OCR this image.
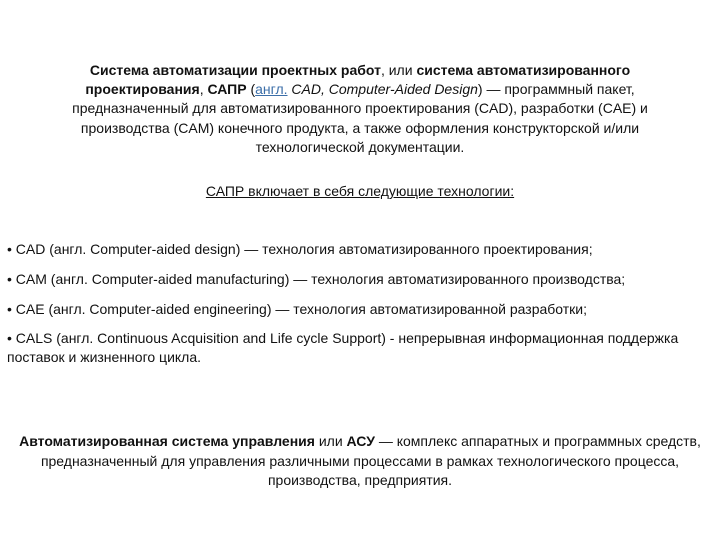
Система автоматизации проектных работ, или система автоматизированного проектирования, САПР (англ. CAD, Computer-Aided Design) — программный пакет, предназначенный для автоматизированного проектирования (CAD), разработки (CAE) и производства (CAM) конечного продукта, а также оформления конструкторской и/или технологической документации.

САПР включает в себя следующие технологии:
• CAD (англ. Computer-aided design) — технология автоматизированного проектирования;
• CAM (англ. Computer-aided manufacturing) — технология автоматизированного производства;
• CAE (англ. Computer-aided engineering) — технология автоматизированной разработки;
• CALS (англ. Continuous Acquisition and Life cycle Support) - непрерывная информационная поддержка поставок и жизненного цикла.

Автоматизированная система управления или АСУ — комплекс аппаратных и программных средств, предназначенный для управления различными процессами в рамках технологического процесса, производства, предприятия.
